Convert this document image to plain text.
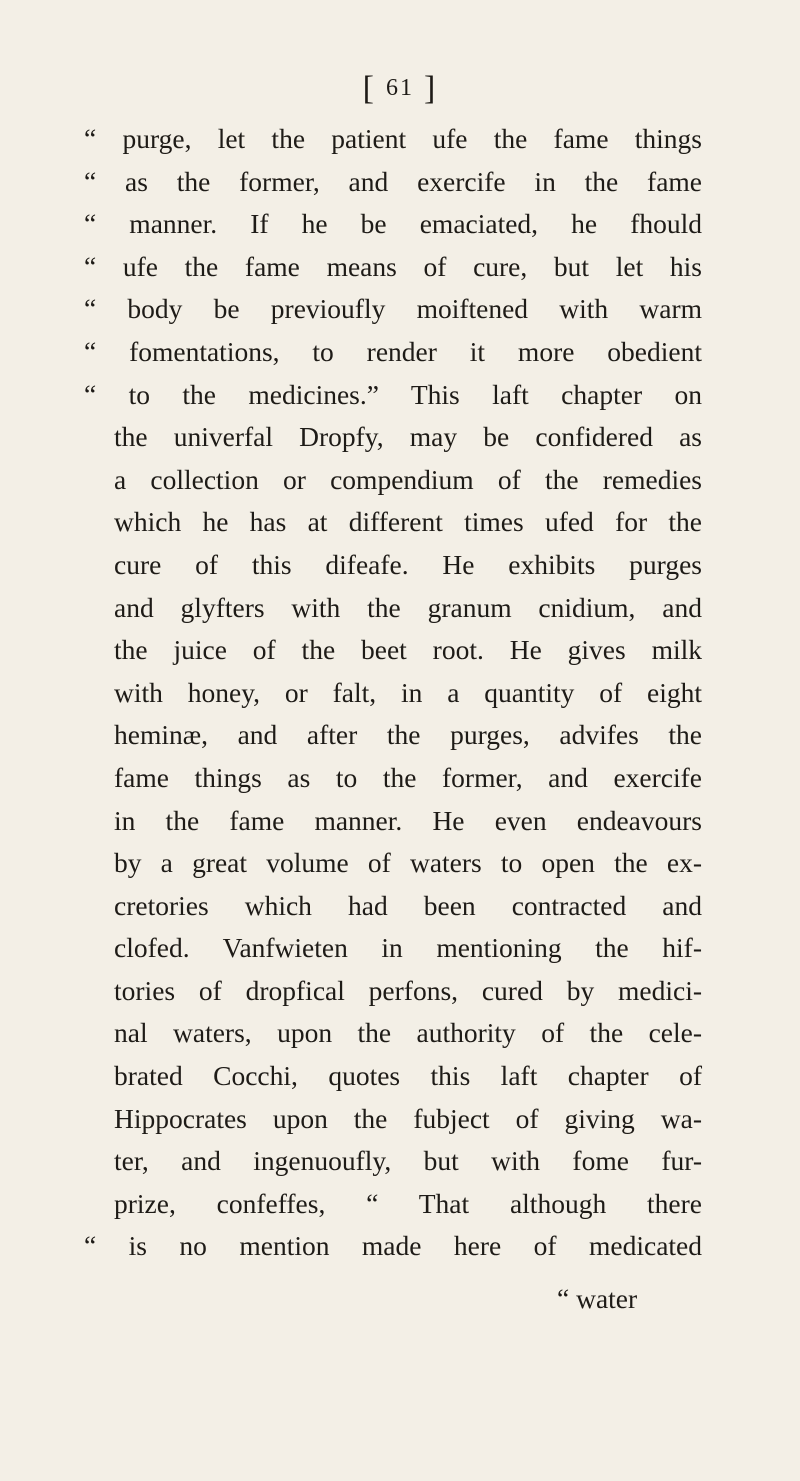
[ 61 ]
“ purge, let the patient ufe the fame things
“ as the former, and exercife in the fame
“ manner. If he be emaciated, he fhould
“ ufe the fame means of cure, but let his
“ body be previoufly moiftened with warm
“ fomentations, to render it more obedient
“ to the medicines.” This laft chapter on
the univerfal Dropfy, may be confidered as
a collection or compendium of the remedies
which he has at different times ufed for the
cure of this difeafe. He exhibits purges
and glyfters with the granum cnidium, and
the juice of the beet root. He gives milk
with honey, or falt, in a quantity of eight
heminæ, and after the purges, advifes the
fame things as to the former, and exercife
in the fame manner. He even endeavours
by a great volume of waters to open the ex-
cretories which had been contracted and
clofed. Vanfwieten in mentioning the hif-
tories of dropfical perfons, cured by medici-
nal waters, upon the authority of the cele-
brated Cocchi, quotes this laft chapter of
Hippocrates upon the fubject of giving wa-
ter, and ingenuoufly, but with fome fur-
prize, confeffes, “ That although there
“ is no mention made here of medicated
“ water
